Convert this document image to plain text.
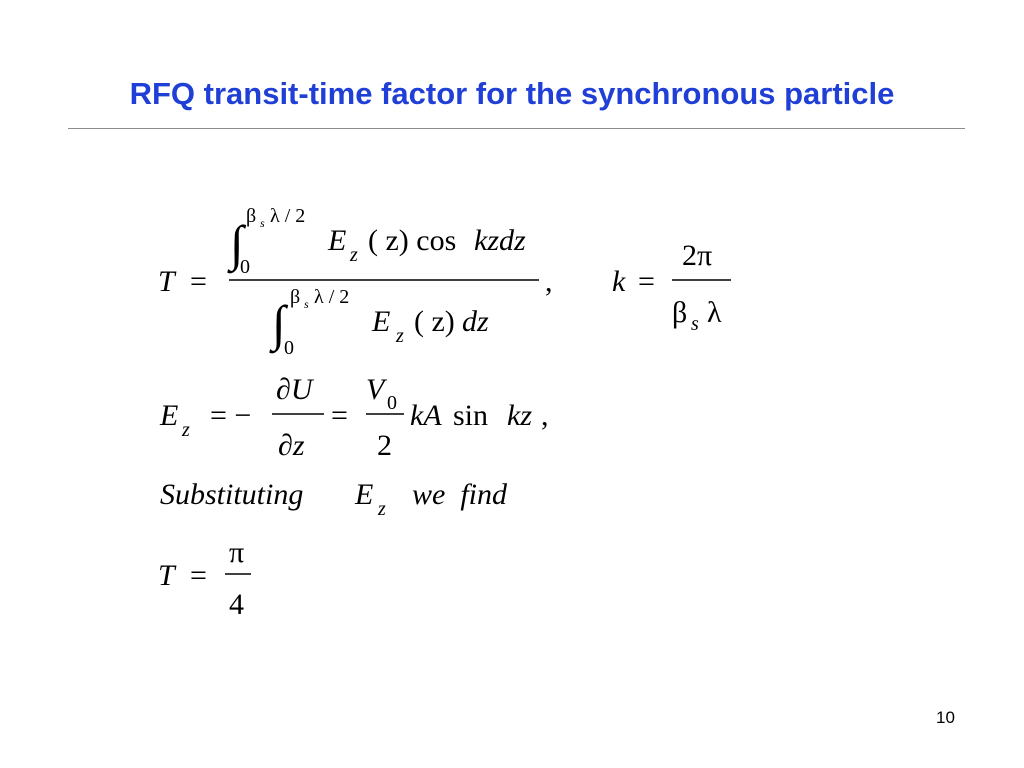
RFQ transit-time factor for the synchronous particle
T =
∫ β s λ / 2
0
E z ( z) cos kzdz
∫ β s λ / 2
0
E z ( z) dz
, k =
2π
β s λ
E z = −
∂U
∂z
=
V 0
2
kA sin kz ,
Substituting E z we  find
T =
π
4
10
